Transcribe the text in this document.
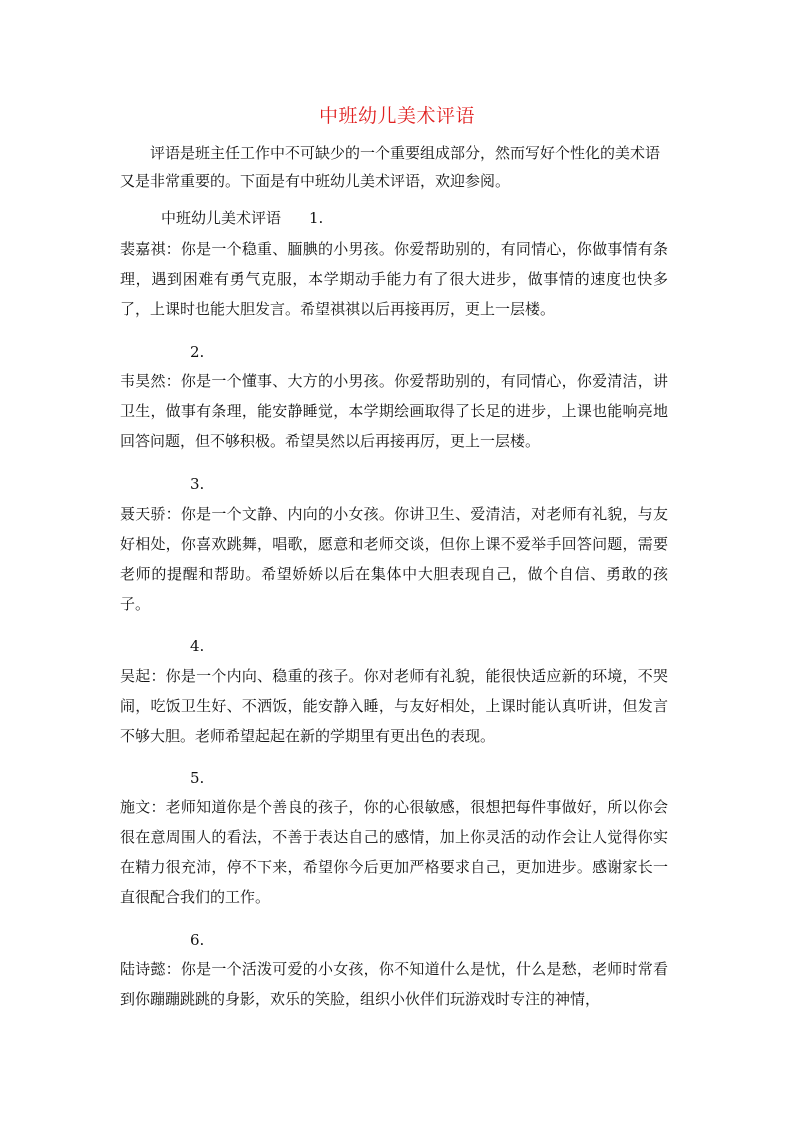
中班幼儿美术评语
评语是班主任工作中不可缺少的一个重要组成部分，然而写好个性化的美术语又是非常重要的。下面是有中班幼儿美术评语，欢迎参阅。
中班幼儿美术评语 1.
裴嘉祺：你是一个稳重、腼腆的小男孩。你爱帮助别的，有同情心，你做事情有条理，遇到困难有勇气克服，本学期动手能力有了很大进步，做事情的速度也快多了，上课时也能大胆发言。希望祺祺以后再接再厉，更上一层楼。
2.
韦昊然：你是一个懂事、大方的小男孩。你爱帮助别的，有同情心，你爱清洁，讲卫生，做事有条理，能安静睡觉，本学期绘画取得了长足的进步，上课也能响亮地回答问题，但不够积极。希望昊然以后再接再厉，更上一层楼。
3.
聂天骄：你是一个文静、内向的小女孩。你讲卫生、爱清洁，对老师有礼貌，与友好相处，你喜欢跳舞，唱歌，愿意和老师交谈，但你上课不爱举手回答问题，需要老师的提醒和帮助。希望娇娇以后在集体中大胆表现自己，做个自信、勇敢的孩子。
4.
吴起：你是一个内向、稳重的孩子。你对老师有礼貌，能很快适应新的环境，不哭闹，吃饭卫生好、不洒饭，能安静入睡，与友好相处，上课时能认真听讲，但发言不够大胆。老师希望起起在新的学期里有更出色的表现。
5.
施文：老师知道你是个善良的孩子，你的心很敏感，很想把每件事做好，所以你会很在意周围人的看法，不善于表达自己的感情，加上你灵活的动作会让人觉得你实在精力很充沛，停不下来，希望你今后更加严格要求自己，更加进步。感谢家长一直很配合我们的工作。
6.
陆诗懿：你是一个活泼可爱的小女孩，你不知道什么是忧，什么是愁，老师时常看到你蹦蹦跳跳的身影，欢乐的笑脸，组织小伙伴们玩游戏时专注的神情，
